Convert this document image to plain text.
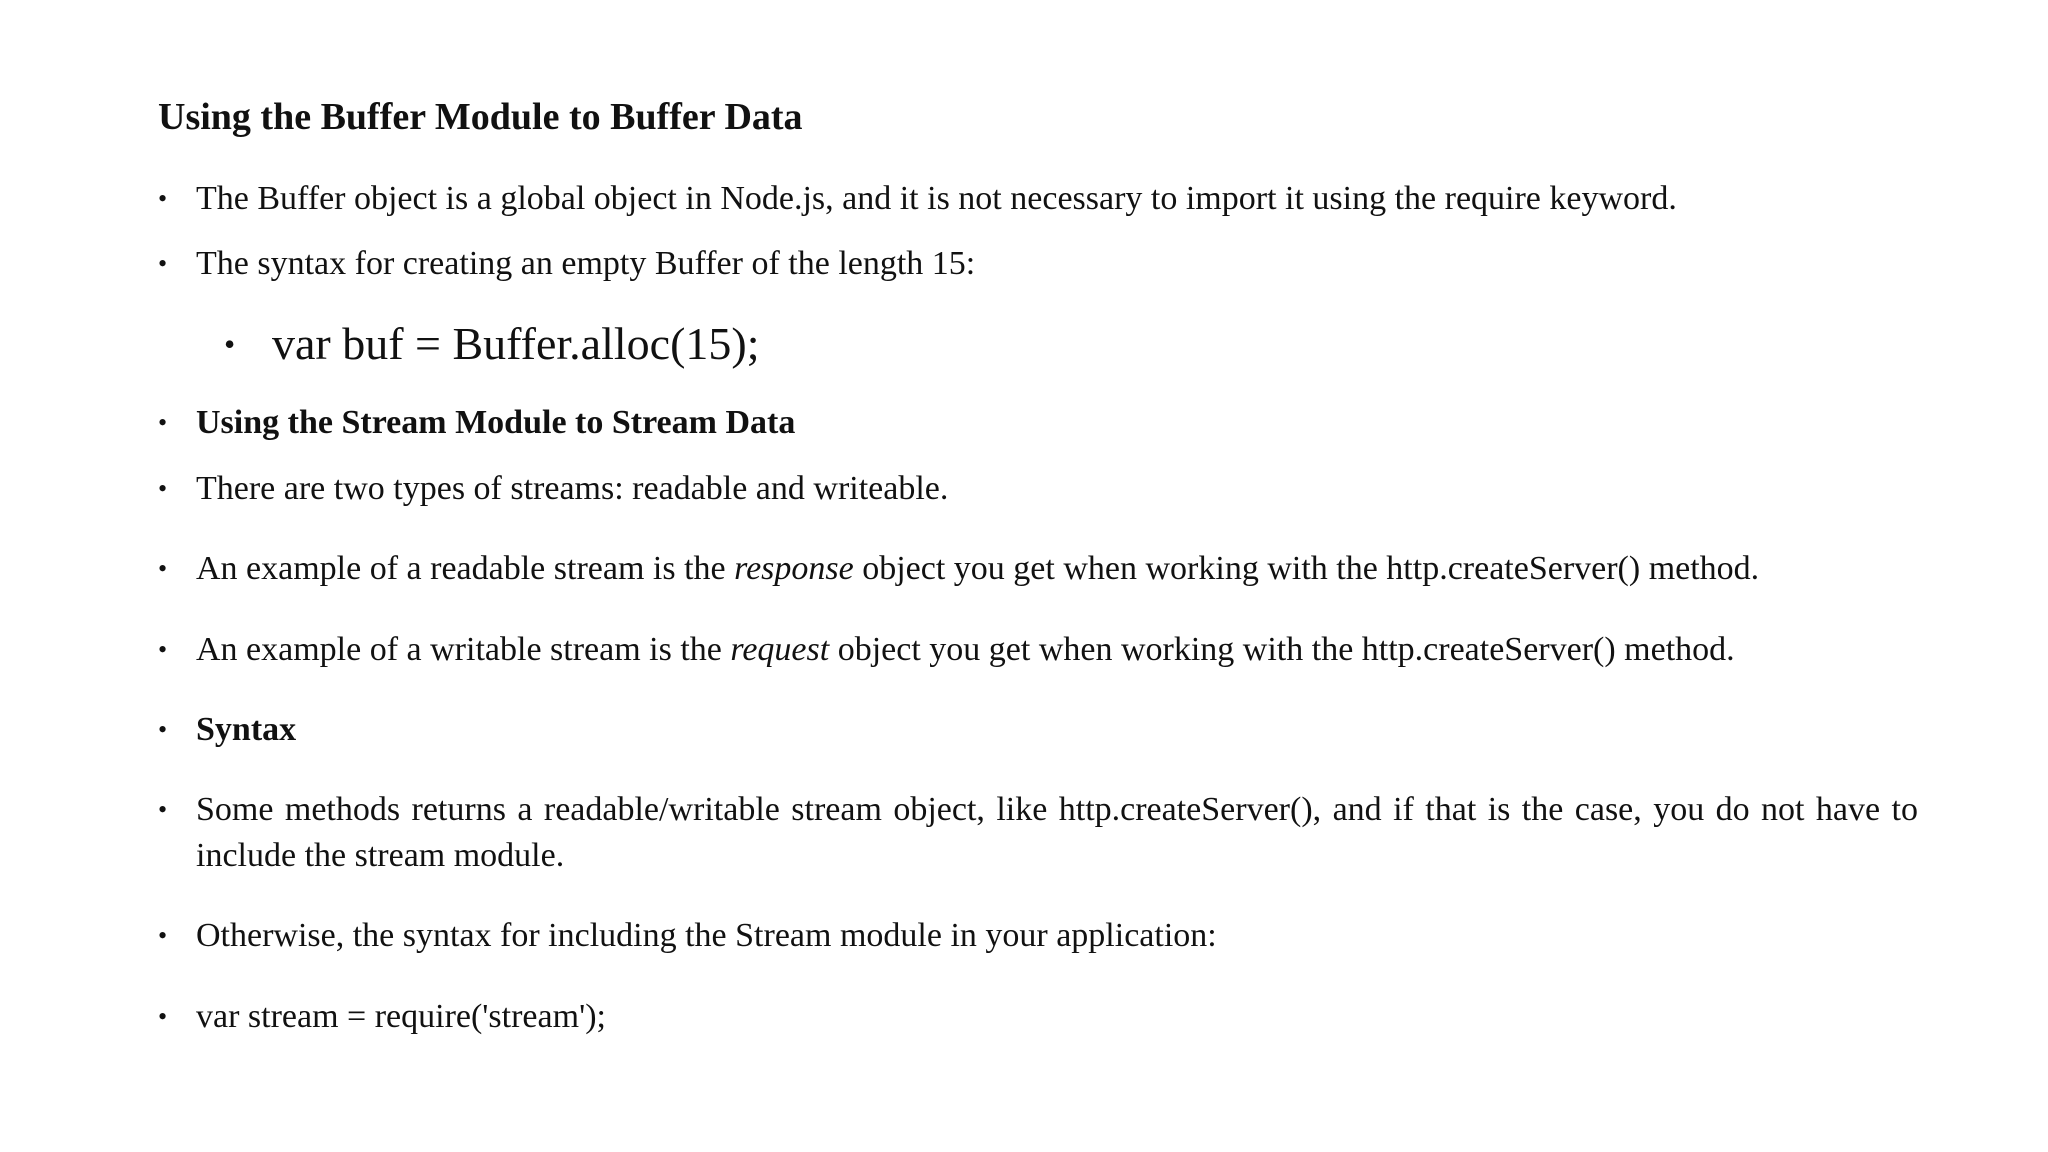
Using the Buffer Module to Buffer Data
• The Buffer object is a global object in Node.js, and it is not necessary to import it using the require keyword.
• The syntax for creating an empty Buffer of the length 15:
• var buf = Buffer.alloc(15);
• Using the Stream Module to Stream Data
• There are two types of streams: readable and writeable.
• An example of a readable stream is the response object you get when working with the http.createServer() method.
• An example of a writable stream is the request object you get when working with the http.createServer() method.
• Syntax
• Some methods returns a readable/writable stream object, like http.createServer(), and if that is the case, you do not have to include the stream module.
• Otherwise, the syntax for including the Stream module in your application:
• var stream = require('stream');
